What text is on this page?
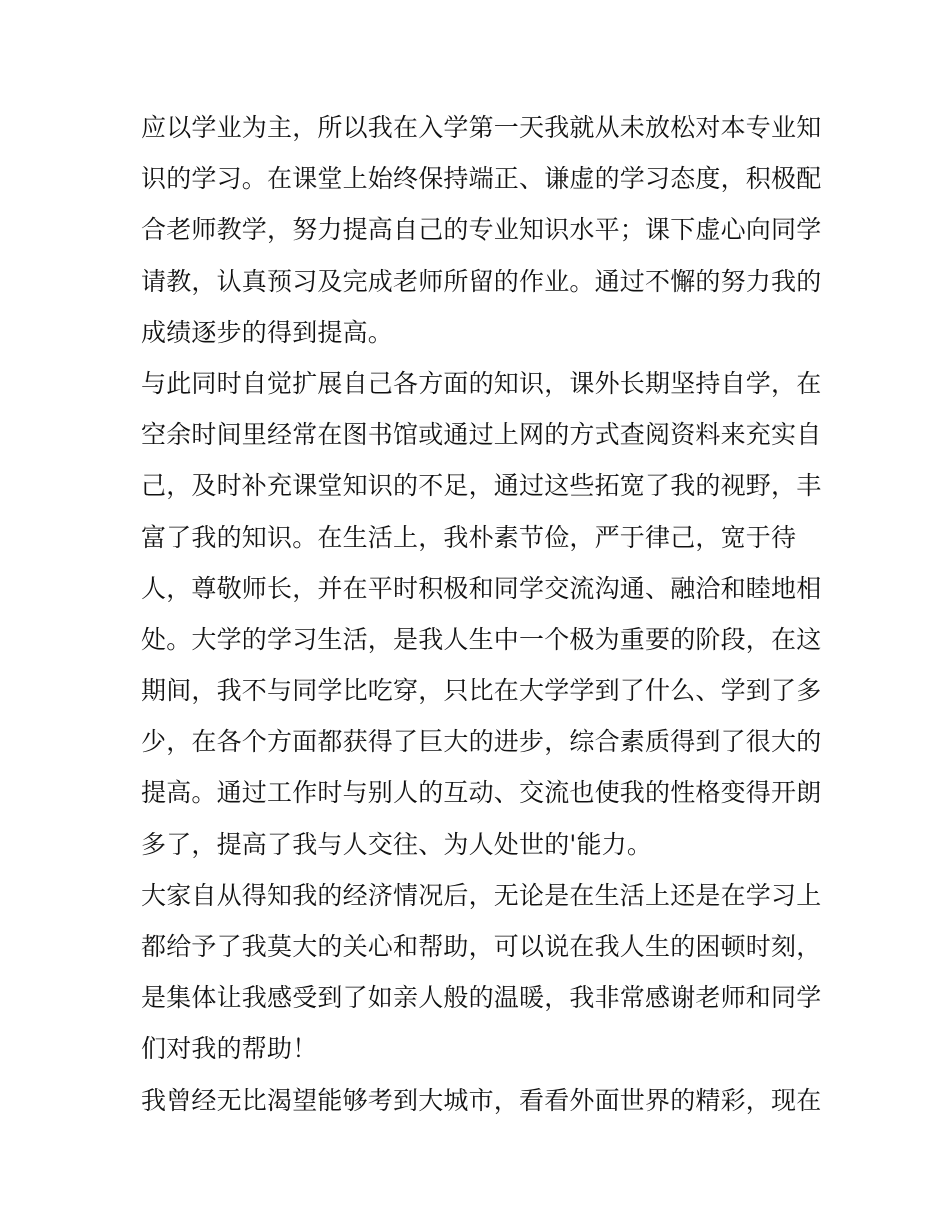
应以学业为主，所以我在入学第一天我就从未放松对本专业知
识的学习。在课堂上始终保持端正、谦虚的学习态度，积极配
合老师教学，努力提高自己的专业知识水平；课下虚心向同学
请教，认真预习及完成老师所留的作业。通过不懈的努力我的
成绩逐步的得到提高。
与此同时自觉扩展自己各方面的知识，课外长期坚持自学，在
空余时间里经常在图书馆或通过上网的方式查阅资料来充实自
己，及时补充课堂知识的不足，通过这些拓宽了我的视野，丰
富了我的知识。在生活上，我朴素节俭，严于律己，宽于待
人，尊敬师长，并在平时积极和同学交流沟通、融洽和睦地相
处。大学的学习生活，是我人生中一个极为重要的阶段，在这
期间，我不与同学比吃穿，只比在大学学到了什么、学到了多
少，在各个方面都获得了巨大的进步，综合素质得到了很大的
提高。通过工作时与别人的互动、交流也使我的性格变得开朗
多了，提高了我与人交往、为人处世的'能力。
大家自从得知我的经济情况后，无论是在生活上还是在学习上
都给予了我莫大的关心和帮助，可以说在我人生的困顿时刻，
是集体让我感受到了如亲人般的温暖，我非常感谢老师和同学
们对我的帮助！
我曾经无比渴望能够考到大城市，看看外面世界的精彩，现在
